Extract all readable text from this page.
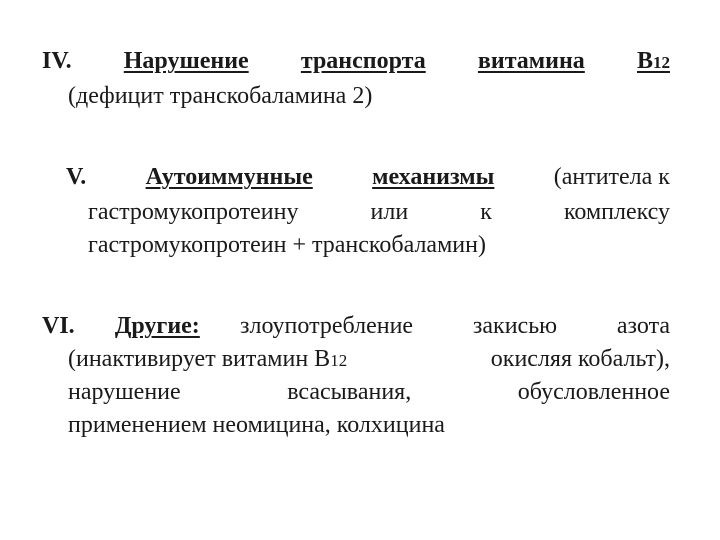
IV. Нарушение транспорта витамина В12
(дефицит транскобаламина 2)
V. Аутоиммунные механизмы (антитела к
гастромукопротеину или к комплексу
гастромукопротеин + транскобаламин)
VI. Другие: злоупотребление закисью азота
(инактивирует витамин В12	окисляя кобальт),
нарушение	всасывания,	обусловленное
применением неомицина, колхицина
